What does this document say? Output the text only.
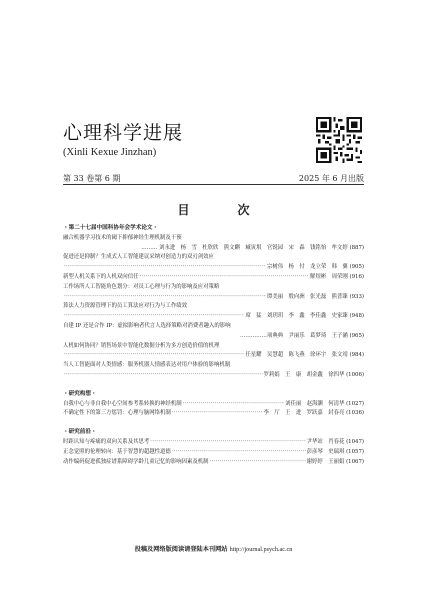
心理科学进展
(Xinli Kexue Jinzhan)
第 33 卷第 6 期	2025 年 6 月出版
目　次
・第二十七届中国科协年会学术论文・
融合机器学习技术的阈下抑郁神经生理机制及干预
……… 刘永进　杨　雪　杜欣欣　熊文麒　臧寅垠　官锐园　宋　森　钱铭怡　牟文婷 (887)
促进还是抑制？生成式人工智能建议采纳对创造力的双刃剑效应
·····
宗树伟　杨　付　龙立荣　韩　翼 (905)
新型人机关系下的人机双向信任 ·····	解煜彬　周荣刚 (916)
工作场所人工智能角色划分：对员工心理与行为的影响及应对策略
·····
谭美丽　殷向洲　张光磊　熊普臻 (933)
算法人力资源管理下的员工算法应对行为与工作绩效
·····
席　猛　刘玥玥　李　鑫　李佳鑫　史家臻 (948)
自建 IP 还是合作 IP：虚拟影响者代言人选择策略对消费者趣入的影响
……………项典典　尹丽乐　葛梦琦　王子涵 (965)
人机如何协同？销售场景中智能化数据分析为多方创造价值的机理
·····
任星耀　吴慧超　陈飞燕　徐环宇　张文靖 (984)
当人工智能面对人类情感：服务机器人情感表达对用户体验的影响机制
·····
罗莉娟　王　康　胡金鑫　徐四华 (1006)
・研究构想・
自我中心与非自我中心空间参考系转换的神经机制 ·····	刘佳丽　赵海灏　何清华 (1027)
不确定性下的第三方惩罚：心理与脑网络机制 ·····	李　厅　王　进　罗跃嘉　封春亮 (1036)
・研究前沿・
时距认知与疼痛的双向关系及其思考 ·····	尹华站　肖春花 (1047)
正念觉照的伦理转向：基于智慧的超越性道德 ·····	彭彦琴　史瑞琪 (1057)
动作编码促进孤独症谱系障碍学龄儿童记忆的影响因素及机制 ·····	谢婷婷　王丽娟 (1067)
投稿及网络版阅读请登陆本刊网站 http://journal.psych.ac.cn
